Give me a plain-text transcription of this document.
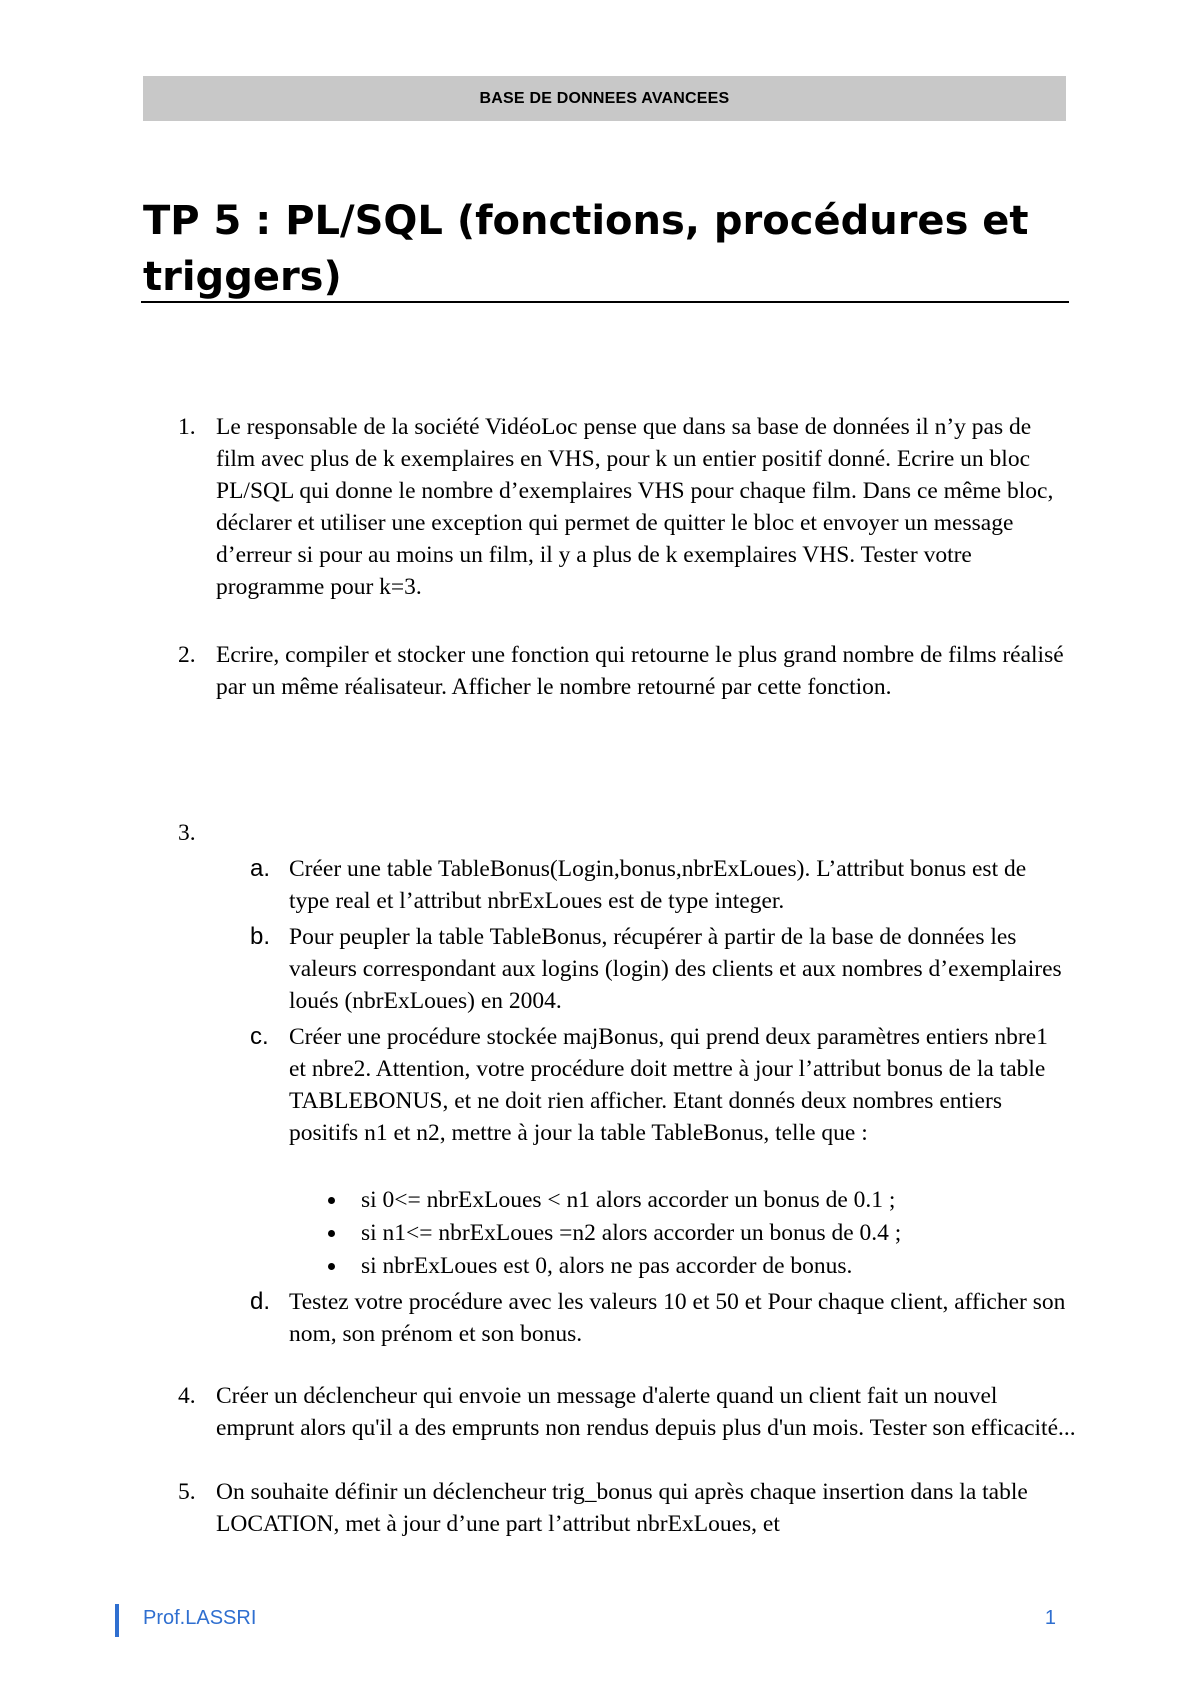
BASE DE DONNEES AVANCEES
TP 5 : PL/SQL (fonctions, procédures et
triggers)
1. Le responsable de la société VidéoLoc pense que dans sa base de données il n’y pas de film avec plus de k exemplaires en VHS, pour k un entier positif donné. Ecrire un bloc PL/SQL qui donne le nombre d’exemplaires VHS pour chaque film. Dans ce même bloc, déclarer et utiliser une exception qui permet de quitter le bloc et envoyer un message d’erreur si pour au moins un film, il y a plus de k exemplaires VHS. Tester votre programme pour k=3.
2. Ecrire, compiler et stocker une fonction qui retourne le plus grand nombre de films réalisé par un même réalisateur. Afficher le nombre retourné par cette fonction.
3.
a. Créer une table TableBonus(Login,bonus,nbrExLoues). L’attribut bonus est de type real et l’attribut nbrExLoues est de type integer.
b. Pour peupler la table TableBonus, récupérer à partir de la base de données les valeurs correspondant aux logins (login) des clients et aux nombres d’exemplaires loués (nbrExLoues) en 2004.
c. Créer une procédure stockée majBonus, qui prend deux paramètres entiers nbre1 et nbre2. Attention, votre procédure doit mettre à jour l’attribut bonus de la table TABLEBONUS, et ne doit rien afficher. Etant donnés deux nombres entiers positifs n1 et n2, mettre à jour la table TableBonus, telle que :
si 0<= nbrExLoues < n1 alors accorder un bonus de 0.1 ;
si n1<= nbrExLoues =n2 alors accorder un bonus de 0.4 ;
si nbrExLoues est 0, alors ne pas accorder de bonus.
d. Testez votre procédure avec les valeurs 10 et 50 et Pour chaque client, afficher son nom, son prénom et son bonus.
4. Créer un déclencheur qui envoie un message d'alerte quand un client fait un nouvel emprunt alors qu'il a des emprunts non rendus depuis plus d'un mois. Tester son efficacité...
5. On souhaite définir un déclencheur trig_bonus qui après chaque insertion dans la table LOCATION, met à jour d’une part l’attribut nbrExLoues, et
Prof.LASSRI	1
